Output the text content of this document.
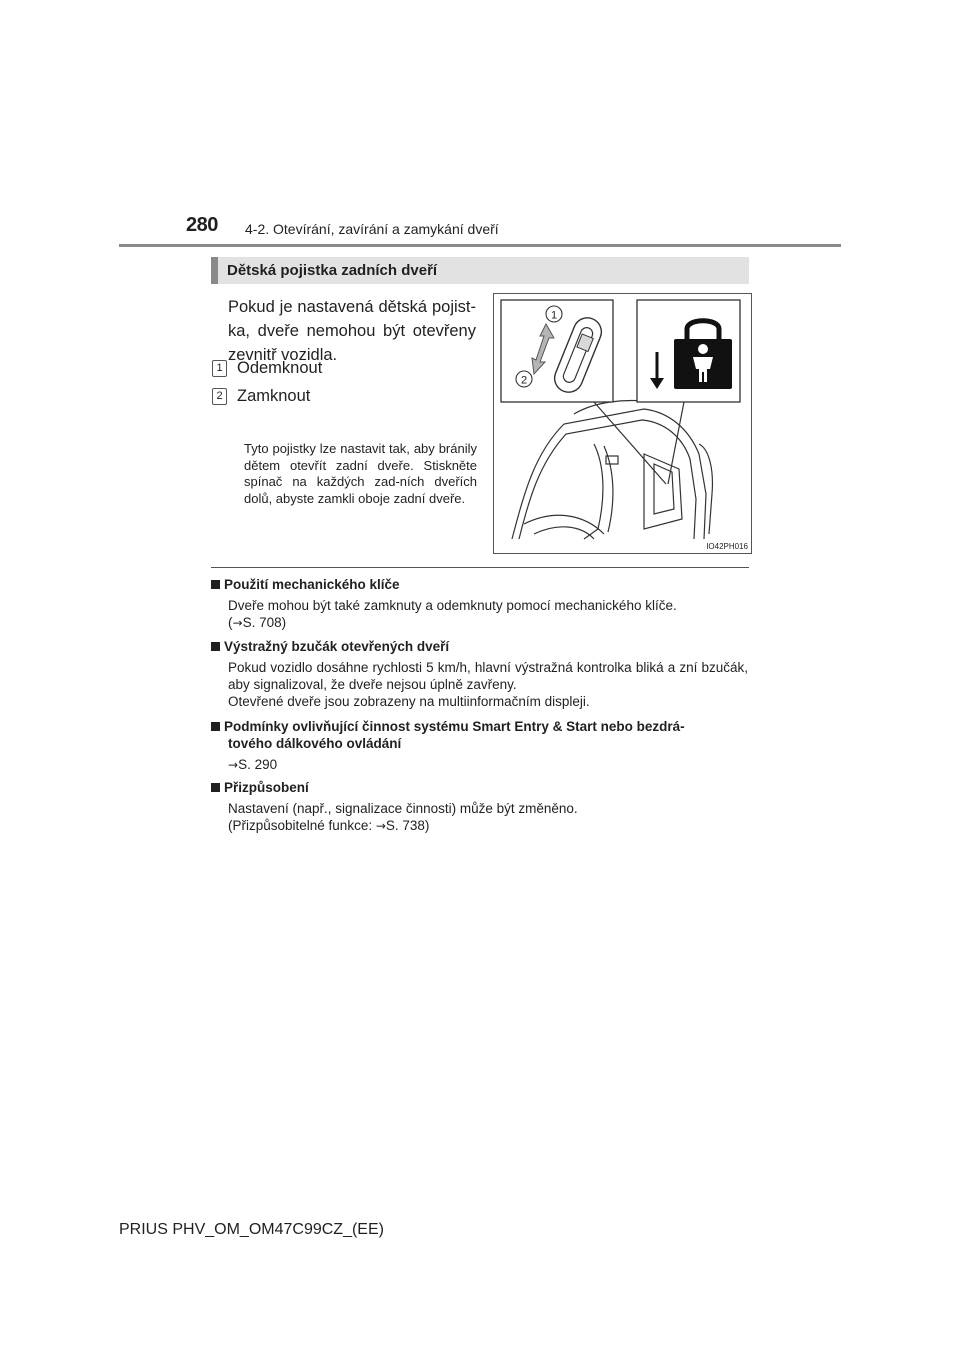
280 4-2. Otevírání, zavírání a zamykání dveří
Dětská pojistka zadních dveří
Pokud je nastavená dětská pojist-ka, dveře nemohou být otevřeny zevnitř vozidla.
1 Odemknout
2 Zamknout
Tyto pojistky lze nastavit tak, aby bránily dětem otevřít zadní dveře. Stiskněte spínač na každých zad-ních dveřích dolů, abyste zamkli oboje zadní dveře.
1
2
IO42PH016
Použití mechanického klíče

Dveře mohou být také zamknuty a odemknuty pomocí mechanického klíče.

(→S. 708)

Výstražný bzučák otevřených dveří

Pokud vozidlo dosáhne rychlosti 5 km/h, hlavní výstražná kontrolka bliká a zní bzučák, aby signalizoval, že dveře nejsou úplně zavřeny.

Otevřené dveře jsou zobrazeny na multiinformačním displeji.

Podmínky ovlivňující činnost systému Smart Entry & Start nebo bezdrá-
tového dálkového ovládání

→S. 290

Přizpůsobení

Nastavení (např., signalizace činnosti) může být změněno.

(Přizpůsobitelné funkce: →S. 738)

PRIUS PHV_OM_OM47C99CZ_(EE)
